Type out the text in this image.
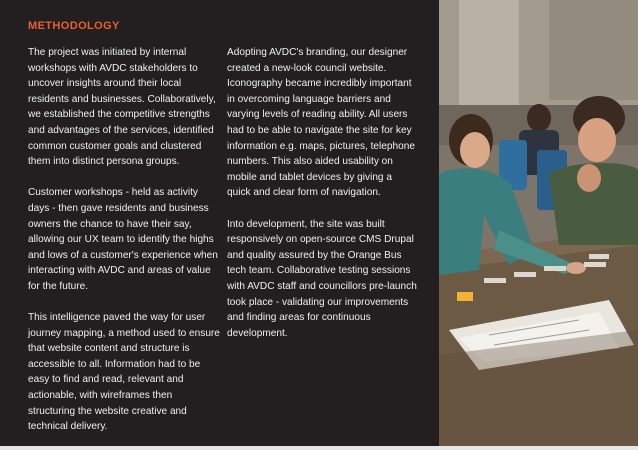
METHODOLOGY

The project was initiated by internal workshops with AVDC stakeholders to uncover insights around their local residents and businesses. Collaboratively, we established the competitive strengths and advantages of the services, identified common customer goals and clustered them into distinct persona groups.

Customer workshops - held as activity days - then gave residents and business owners the chance to have their say, allowing our UX team to identify the highs and lows of a customer's experience when interacting with AVDC and areas of value for the future.

This intelligence paved the way for user journey mapping, a method used to ensure that website content and structure is accessible to all. Information had to be easy to find and read, relevant and actionable, with wireframes then structuring the website creative and technical delivery.

Adopting AVDC's branding, our designer created a new-look council website. Iconography became incredibly important in overcoming language barriers and varying levels of reading ability. All users had to be able to navigate the site for key information e.g. maps, pictures, telephone numbers. This also aided usability on mobile and tablet devices by giving a quick and clear form of navigation.

Into development, the site was built responsively on open-source CMS Drupal and quality assured by the Orange Bus tech team. Collaborative testing sessions with AVDC staff and councillors pre-launch took place - validating our improvements and finding areas for continuous development.
